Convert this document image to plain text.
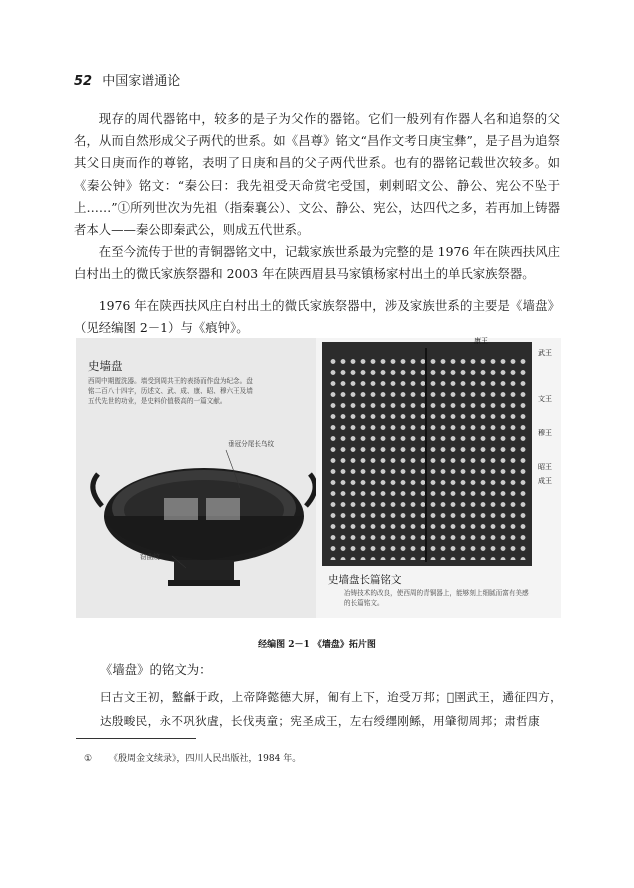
52 中国家谱通论

现存的周代器铭中，较多的是子为父作的器铭。它们一般列有作器人名和追祭的父名，从而自然形成父子两代的世系。如《昌尊》铭文“昌作文考日庚宝彝”，是子昌为追祭其父日庚而作的尊铭，表明了日庚和昌的父子两代世系。也有的器铭记载世次较多。如《秦公钟》铭文：“秦公曰：我先祖受天命赏宅受国，剌剌昭文公、静公、宪公不坠于上……”①所列世次为先祖（指秦襄公）、文公、静公、宪公，达四代之多，若再加上铸器者本人——秦公即秦武公，则成五代世系。

在至今流传于世的青铜器铭文中，记载家族世系最为完整的是 1976 年在陕西扶风庄白村出土的微氏家族祭器和 2003 年在陕西眉县马家镇杨家村出土的单氏家族祭器。

1976 年在陕西扶风庄白村出土的微氏家族祭器中，涉及家族世系的主要是《墙盘》（见经编图 2－1）与《㾗钟》。

史墙盘
西周中期盥洗器。墙受到周共王的表扬而作盘为纪念。盘铭二百八十四字，历述文、武、成、康、昭、穆六王及墙五代先世的功业，是史料价值极高的一篇文献。
垂冠分尾长鸟纹
窃曲纹
康王
武王
文王
穆王
昭王
成王
史墙盘长篇铭文
冶铸技术的改良，使西周的青铜器上，能够刻上细腻而富有美感的长篇铭文。
经编图 2－1 《墙盘》拓片图
《墙盘》的铭文为：
曰古文王初，盭龢于政，上帝降懿德大屏，匍有上下，迨受万邦；𬏫圉武王，遹征四方，达殷畯民，永不巩狄虘，长伐夷童；宪圣成王，左右绶𬙊刚鲧，用肇彻周邦；肃哲康
① 《殷周金文续录》，四川人民出版社，1984 年。
